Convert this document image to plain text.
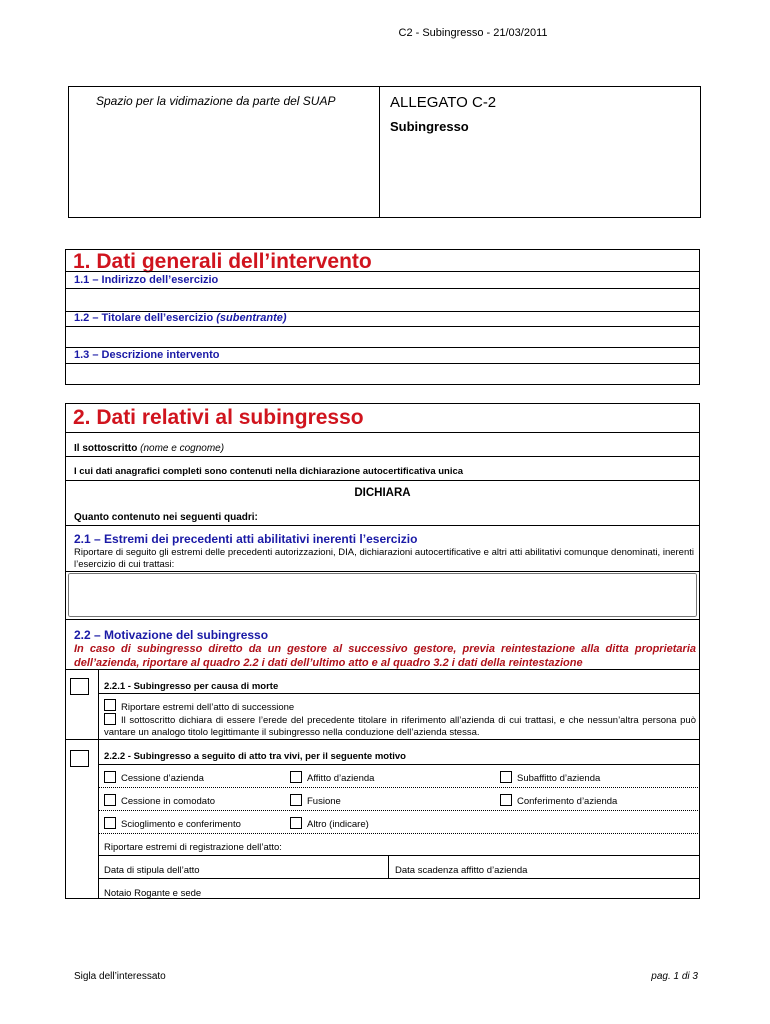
C2 - Subingresso - 21/03/2011
Spazio per la vidimazione da parte del SUAP	ALLEGATO C-2
Subingresso
1. Dati generali dell’intervento
1.1 – Indirizzo dell’esercizio
1.2 – Titolare dell’esercizio (subentrante)
1.3 – Descrizione intervento
2. Dati relativi al subingresso
Il sottoscritto (nome e cognome)
I cui dati anagrafici completi sono contenuti nella dichiarazione autocertificativa unica
DICHIARA
Quanto contenuto nei seguenti quadri:
2.1 – Estremi dei precedenti atti abilitativi inerenti l’esercizio
Riportare di seguito gli estremi delle precedenti autorizzazioni, DIA, dichiarazioni autocertificative e altri atti abilitativi comunque denominati, inerenti l’esercizio di cui trattasi:
2.2 – Motivazione del subingresso
In caso di subingresso diretto da un gestore al successivo gestore, previa reintestazione alla ditta proprietaria dell’azienda, riportare al quadro 2.2 i dati dell’ultimo atto e al quadro 3.2 i dati della reintestazione
2.2.1 - Subingresso per causa di morte
Riportare estremi dell’atto di successione
Il sottoscritto dichiara di essere l’erede del precedente titolare in riferimento all’azienda di cui trattasi, e che nessun’altra persona può vantare un analogo titolo legittimante il subingresso nella conduzione dell’azienda stessa.
2.2.2 - Subingresso a seguito di atto tra vivi, per il seguente motivo
Cessione d’azienda	Affitto d’azienda	Subaffitto d’azienda
Cessione in comodato	Fusione	Conferimento d’azienda
Scioglimento e conferimento	Altro (indicare)
Riportare estremi di registrazione dell’atto:
Data di stipula dell’atto	Data scadenza affitto d’azienda
Notaio Rogante e sede
Sigla dell’interessato	pag. 1 di 3
